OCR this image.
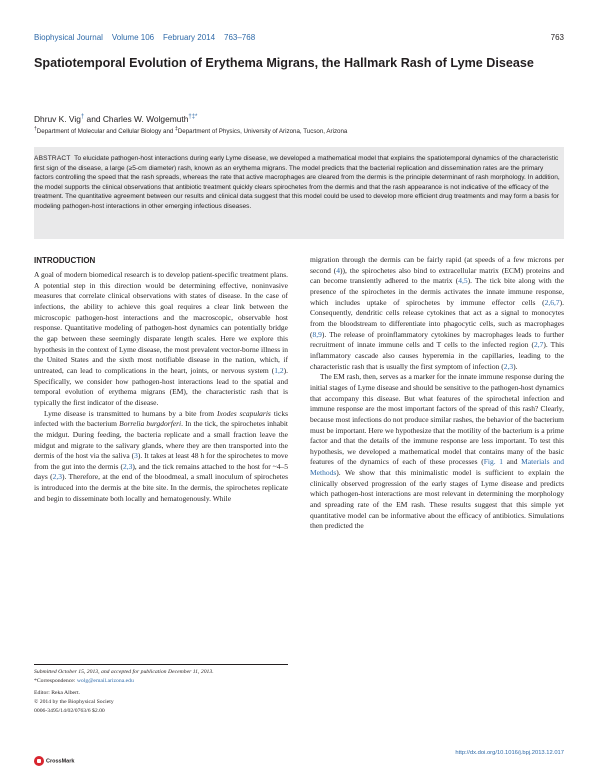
Biophysical Journal Volume 106 February 2014 763–768	763
Spatiotemporal Evolution of Erythema Migrans, the Hallmark Rash of Lyme Disease
Dhruv K. Vig† and Charles W. Wolgemuth†‡*
†Department of Molecular and Cellular Biology and ‡Department of Physics, University of Arizona, Tucson, Arizona
ABSTRACT To elucidate pathogen-host interactions during early Lyme disease, we developed a mathematical model that explains the spatiotemporal dynamics of the characteristic first sign of the disease, a large (≥5-cm diameter) rash, known as an erythema migrans. The model predicts that the bacterial replication and dissemination rates are the primary factors controlling the speed that the rash spreads, whereas the rate that active macrophages are cleared from the dermis is the principle determinant of rash morphology. In addition, the model supports the clinical observations that antibiotic treatment quickly clears spirochetes from the dermis and that the rash appearance is not indicative of the efficacy of the treatment. The quantitative agreement between our results and clinical data suggest that this model could be used to develop more efficient drug treatments and may form a basis for modeling pathogen-host interactions in other emerging infectious diseases.
INTRODUCTION

A goal of modern biomedical research is to develop patient-specific treatment plans. A potential step in this direction would be determining effective, noninvasive measures that correlate clinical observations with states of disease. In the case of infections, the ability to achieve this goal requires a clear link between the microscopic pathogen-host interactions and the macroscopic, observable host response. Quantitative modeling of pathogen-host dynamics can potentially bridge the gap between these seemingly disparate length scales. Here we explore this hypothesis in the context of Lyme disease, the most prevalent vector-borne illness in the United States and the sixth most notifiable disease in the nation, which, if untreated, can lead to complications in the heart, joints, or nervous system (1,2). Specifically, we consider how pathogen-host interactions lead to the spatial and temporal evolution of erythema migrans (EM), the characteristic rash that is typically the first indicator of the disease.

Lyme disease is transmitted to humans by a bite from Ixodes scapularis ticks infected with the bacterium Borrelia burgdorferi. In the tick, the spirochetes inhabit the midgut. During feeding, the bacteria replicate and a small fraction leave the midgut and migrate to the salivary glands, where they are then transported into the dermis of the host via the saliva (3). It takes at least 48 h for the spirochetes to move from the gut into the dermis (2,3), and the tick remains attached to the host for ~4–5 days (2,3). Therefore, at the end of the bloodmeal, a small inoculum of spirochetes is introduced into the dermis at the bite site. In the dermis, the spirochetes replicate and begin to disseminate both locally and hematogenously. While

migration through the dermis can be fairly rapid (at speeds of a few microns per second (4)), the spirochetes also bind to extracellular matrix (ECM) proteins and can become transiently adhered to the matrix (4,5). The tick bite along with the presence of the spirochetes in the dermis activates the innate immune response, which includes uptake of spirochetes by immune effector cells (2,6,7). Consequently, dendritic cells release cytokines that act as a signal to monocytes from the bloodstream to differentiate into phagocytic cells, such as macrophages (8,9). The release of proinflammatory cytokines by macrophages leads to further recruitment of innate immune cells and T cells to the infected region (2,7). This inflammatory cascade also causes hyperemia in the capillaries, leading to the characteristic rash that is usually the first symptom of infection (2,3).

The EM rash, then, serves as a marker for the innate immune response during the initial stages of Lyme disease and should be sensitive to the pathogen-host dynamics that accompany this disease. But what features of the spirochetal infection and immune response are the most important factors of the spread of this rash? Clearly, because most infections do not produce similar rashes, the behavior of the bacterium must be important. Here we hypothesize that the motility of the bacterium is a prime factor and that the details of the immune response are less important. To test this hypothesis, we developed a mathematical model that contains many of the basic features of the dynamics of each of these processes (Fig. 1 and Materials and Methods). We show that this minimalistic model is sufficient to explain the clinically observed progression of the early stages of Lyme disease and predicts which pathogen-host interactions are most relevant in determining the morphology and spreading rate of the EM rash. These results suggest that this simple yet quantitative model can be informative about the efficacy of antibiotics. Simulations then predicted the

Submitted October 15, 2013, and accepted for publication December 11, 2013.

*Correspondence: wolg@email.arizona.edu

Editor: Reka Albert.

© 2014 by the Biophysical Society

0006-3495/14/02/0763/6 $2.00

CrossMark
http://dx.doi.org/10.1016/j.bpj.2013.12.017
